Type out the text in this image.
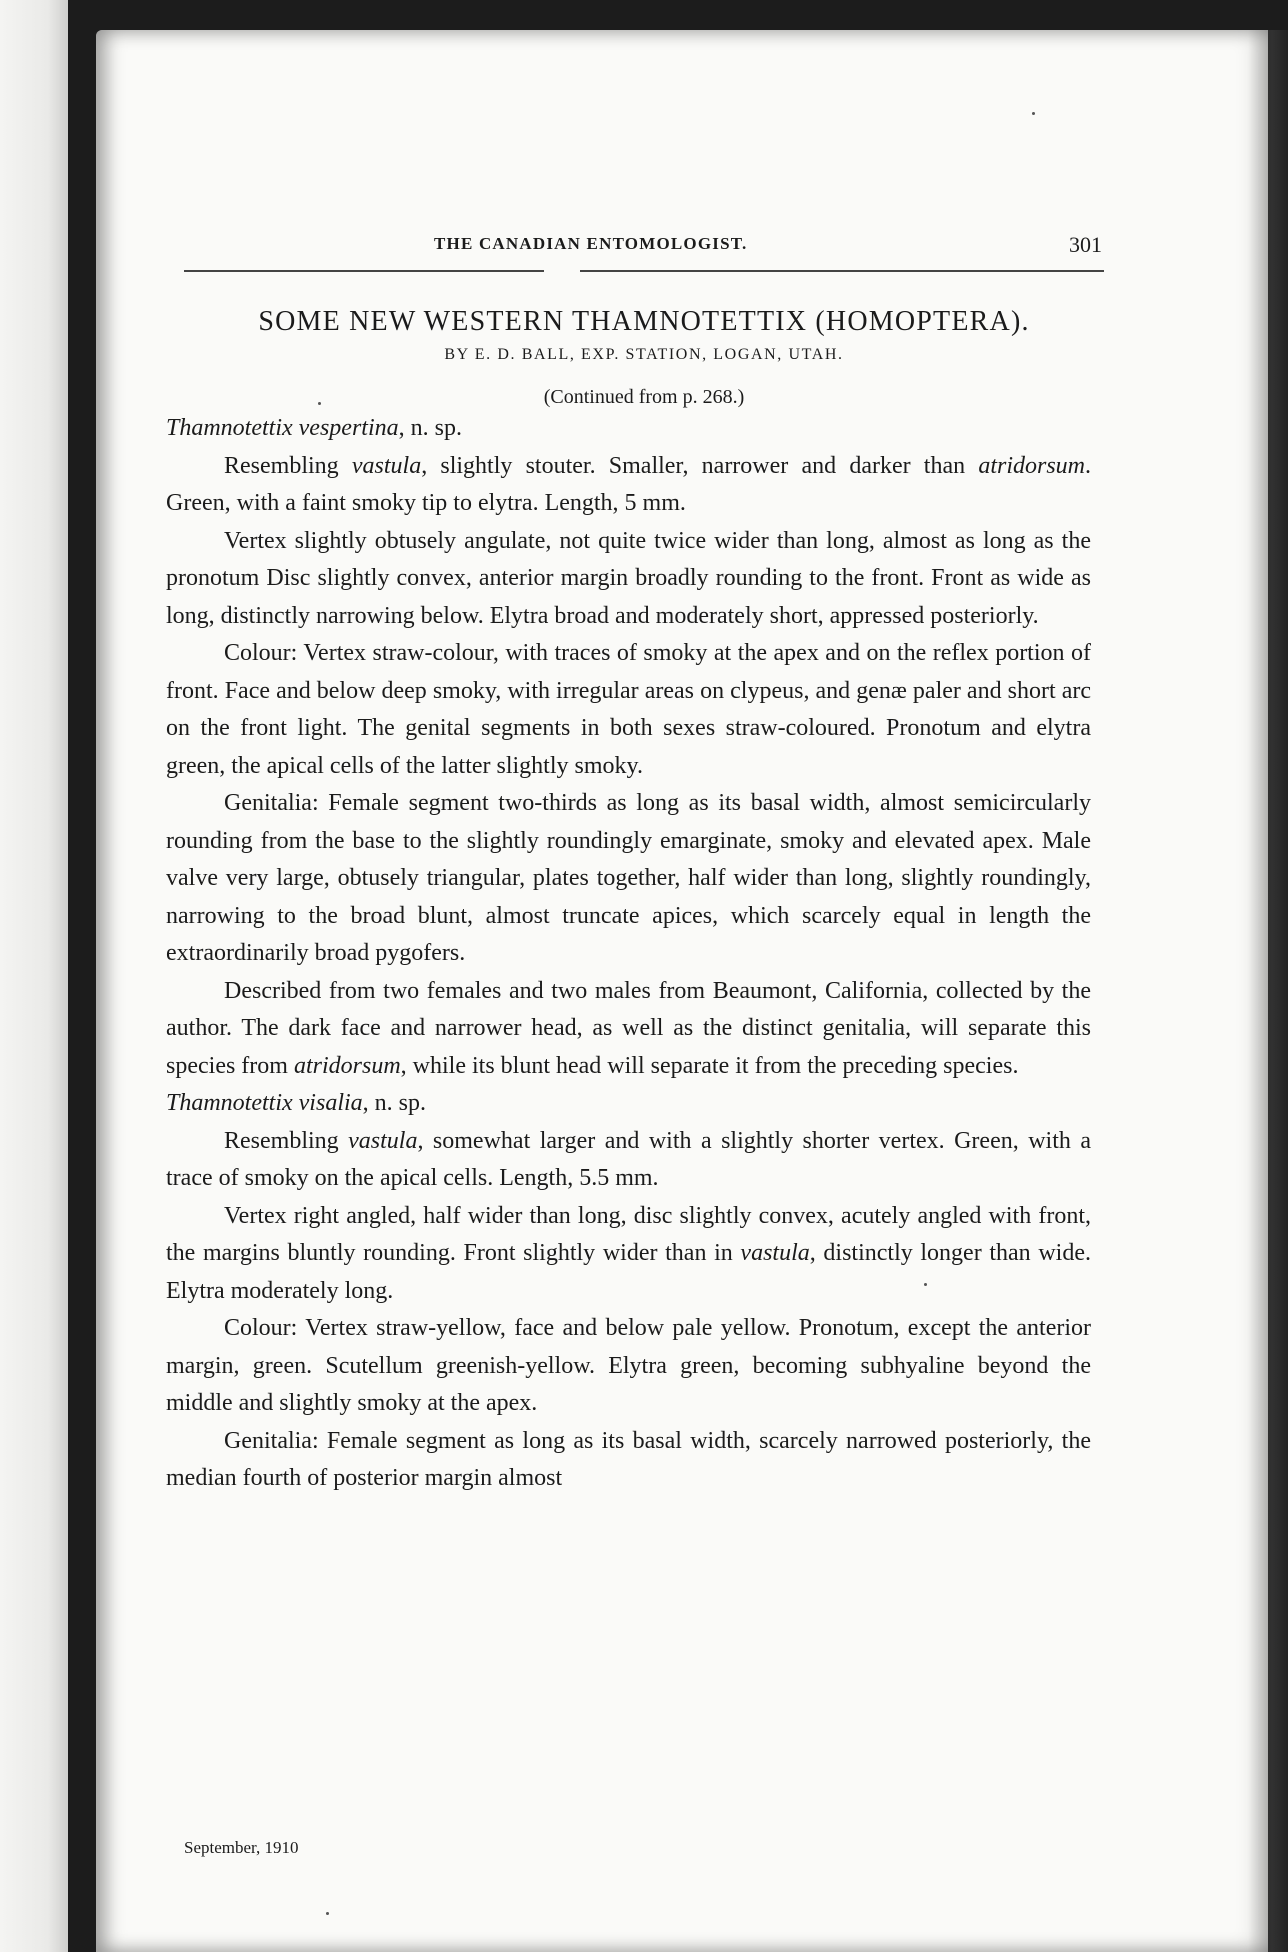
THE CANADIAN ENTOMOLOGIST.	301
SOME NEW WESTERN THAMNOTETTIX (HOMOPTERA).
BY E. D. BALL, EXP. STATION, LOGAN, UTAH.
(Continued from p. 268.)

Thamnotettix vespertina, n. sp.

Resembling vastula, slightly stouter. Smaller, narrower and darker than atridorsum. Green, with a faint smoky tip to elytra. Length, 5 mm.

Vertex slightly obtusely angulate, not quite twice wider than long, almost as long as the pronotum Disc slightly convex, anterior margin broadly rounding to the front. Front as wide as long, distinctly narrowing below. Elytra broad and moderately short, appressed posteriorly.

Colour: Vertex straw-colour, with traces of smoky at the apex and on the reflex portion of front. Face and below deep smoky, with irregular areas on clypeus, and genæ paler and short arc on the front light. The genital segments in both sexes straw-coloured. Pronotum and elytra green, the apical cells of the latter slightly smoky.

Genitalia: Female segment two-thirds as long as its basal width, almost semicircularly rounding from the base to the slightly roundingly emarginate, smoky and elevated apex. Male valve very large, obtusely triangular, plates together, half wider than long, slightly roundingly, narrowing to the broad blunt, almost truncate apices, which scarcely equal in length the extraordinarily broad pygofers.

Described from two females and two males from Beaumont, California, collected by the author. The dark face and narrower head, as well as the distinct genitalia, will separate this species from atridorsum, while its blunt head will separate it from the preceding species.

Thamnotettix visalia, n. sp.

Resembling vastula, somewhat larger and with a slightly shorter vertex. Green, with a trace of smoky on the apical cells. Length, 5.5 mm.

Vertex right angled, half wider than long, disc slightly convex, acutely angled with front, the margins bluntly rounding. Front slightly wider than in vastula, distinctly longer than wide. Elytra moderately long.

Colour: Vertex straw-yellow, face and below pale yellow. Pronotum, except the anterior margin, green. Scutellum greenish-yellow. Elytra green, becoming subhyaline beyond the middle and slightly smoky at the apex.

Genitalia: Female segment as long as its basal width, scarcely narrowed posteriorly, the median fourth of posterior margin almost

September, 1910
